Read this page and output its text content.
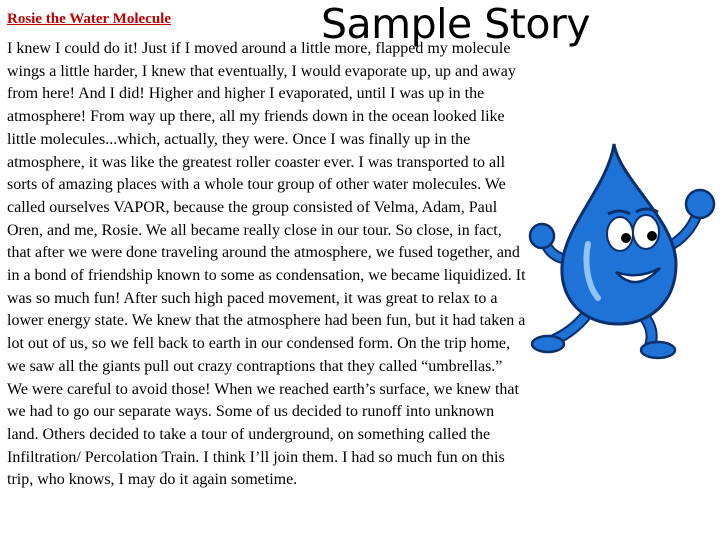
Rosie the Water Molecule	Sample Story

I knew I could do it! Just if I moved around a little more, flapped my molecule wings a little harder, I knew that eventually, I would evaporate up, up and away from here! And I did! Higher and higher I evaporated, until I was up in the atmosphere! From way up there, all my friends down in the ocean looked like little molecules...which, actually, they were. Once I was finally up in the atmosphere, it was like the greatest roller coaster ever. I was transported to all sorts of amazing places with a whole tour group of other water molecules. We called ourselves VAPOR, because the group consisted of Velma, Adam, Paul Oren, and me, Rosie. We all became really close in our tour. So close, in fact, that after we were done traveling around the atmosphere, we fused together, and in a bond of friendship known to some as condensation, we became liquidized. It was so much fun! After such high paced movement, it was great to relax to a lower energy state. We knew that the atmosphere had been fun, but it had taken a lot out of us, so we fell back to earth in our condensed form. On the trip home, we saw all the giants pull out crazy contraptions that they called “umbrellas.” We were careful to avoid those! When we reached earth’s surface, we knew that we had to go our separate ways. Some of us decided to runoff into unknown land. Others decided to take a tour of underground, on something called the Infiltration/ Percolation Train. I think I’ll join them. I had so much fun on this trip, who knows, I may do it again sometime.
